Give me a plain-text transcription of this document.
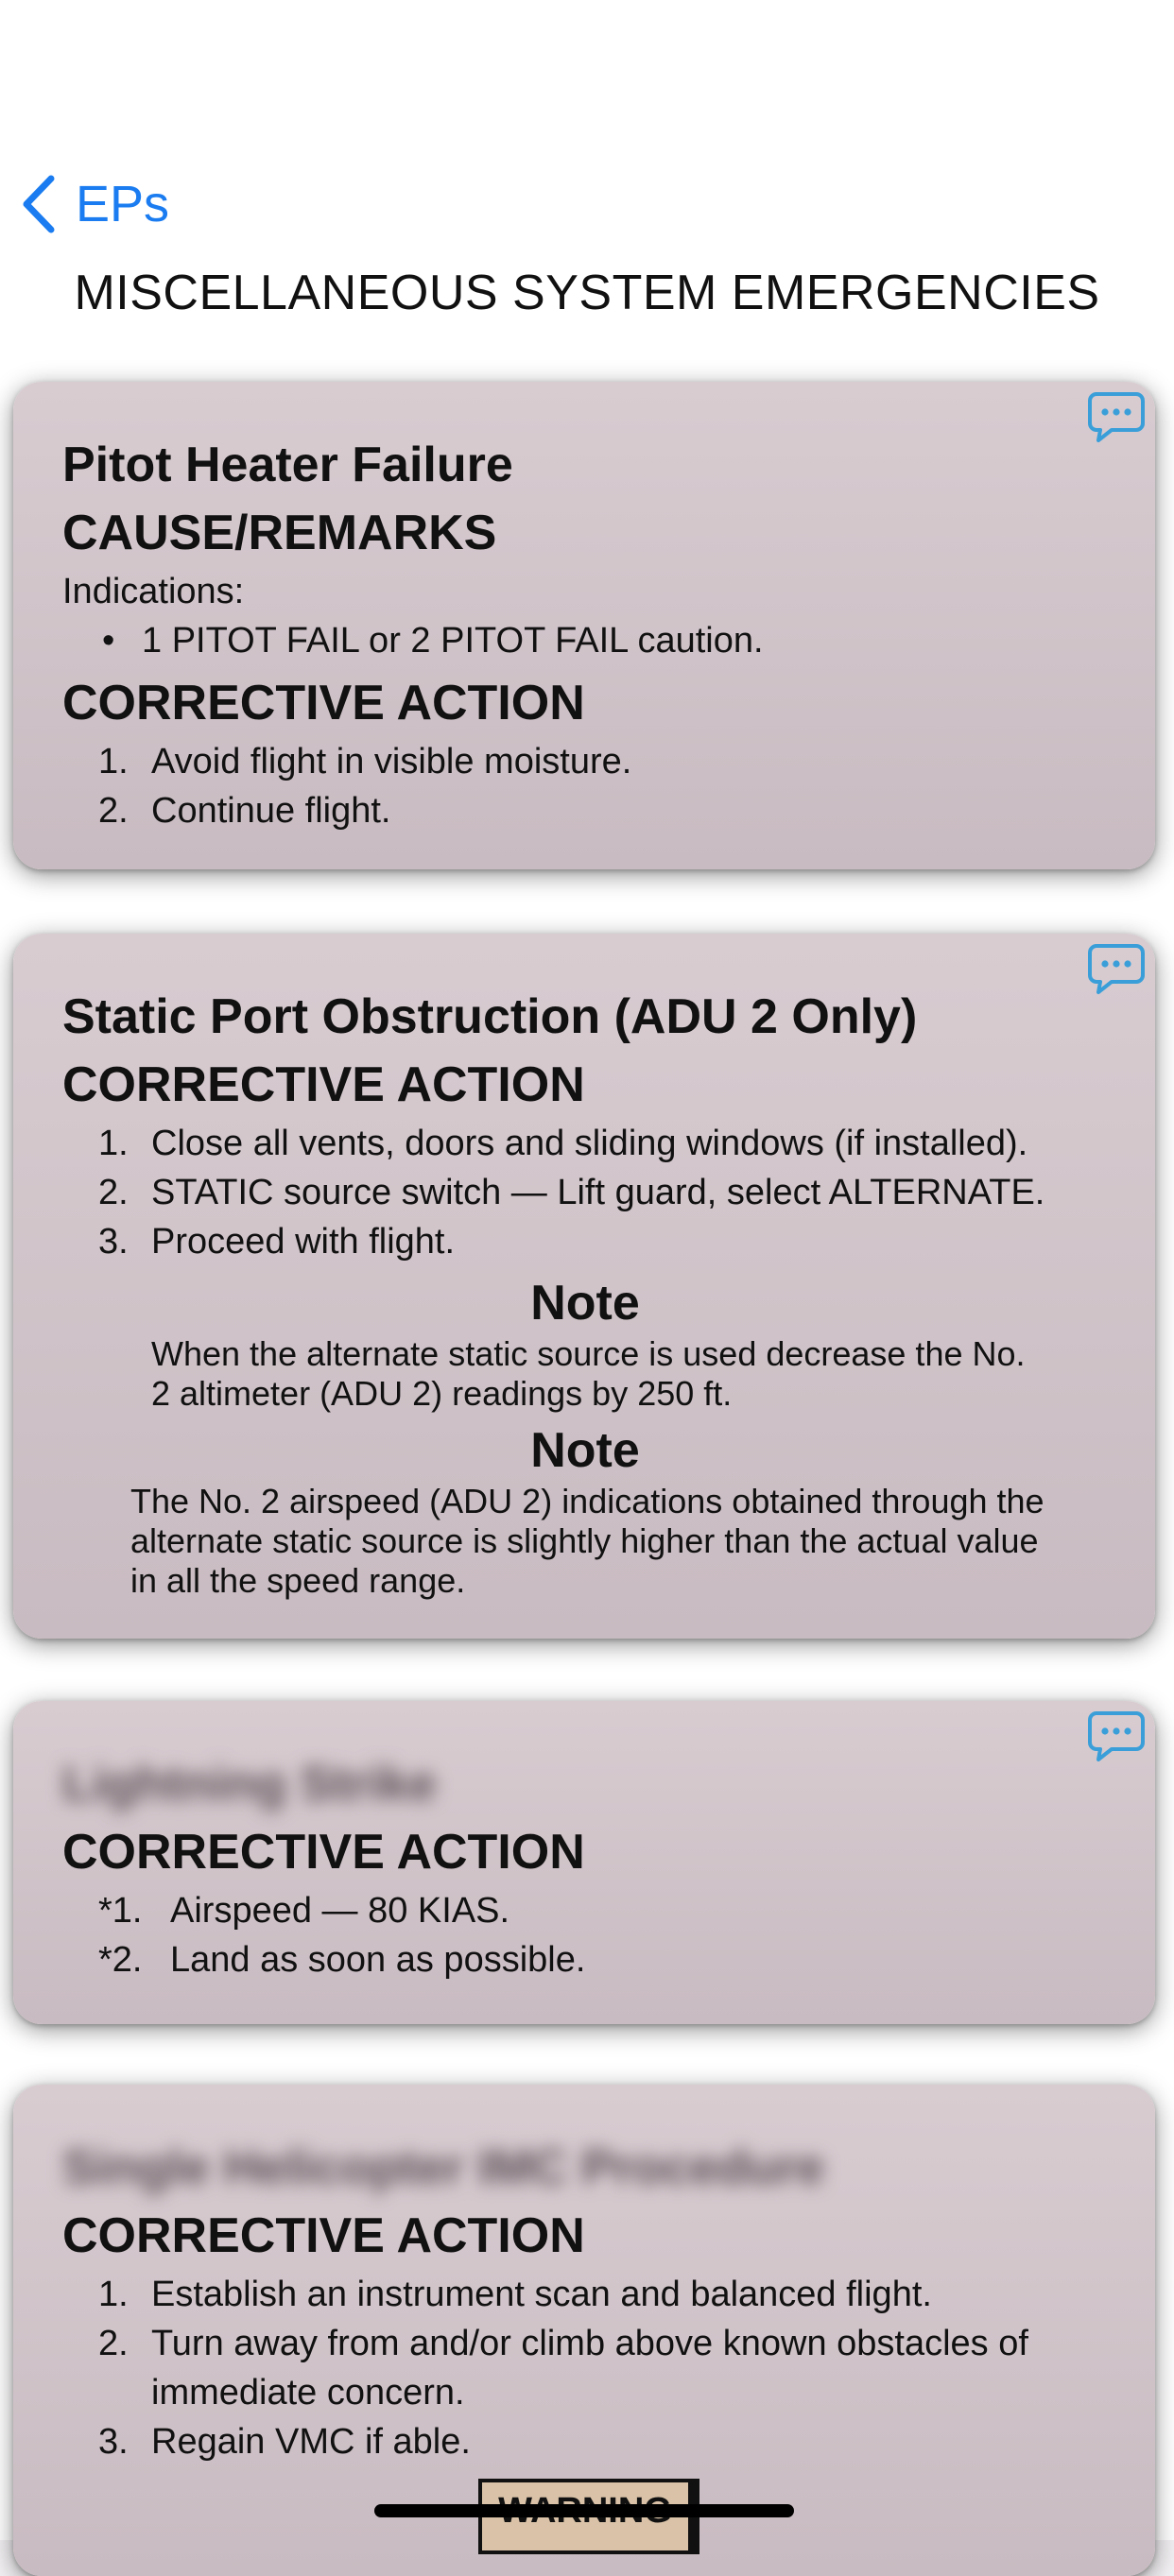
EPs
MISCELLANEOUS SYSTEM EMERGENCIES
Pitot Heater Failure
CAUSE/REMARKS
Indications:
• 1 PITOT FAIL or 2 PITOT FAIL caution.
CORRECTIVE ACTION
1. Avoid flight in visible moisture.
2. Continue flight.
Static Port Obstruction (ADU 2 Only)
CORRECTIVE ACTION
1. Close all vents, doors and sliding windows (if installed).
2. STATIC source switch — Lift guard, select ALTERNATE.
3. Proceed with flight.
Note
When the alternate static source is used decrease the No. 2 altimeter (ADU 2) readings by 250 ft.
Note
The No. 2 airspeed (ADU 2) indications obtained through the alternate static source is slightly higher than the actual value in all the speed range.
Lightning Strike
CORRECTIVE ACTION
*1. Airspeed — 80 KIAS.
*2. Land as soon as possible.
Single Helicopter IMC Procedure
CORRECTIVE ACTION
1. Establish an instrument scan and balanced flight.
2. Turn away from and/or climb above known obstacles of immediate concern.
3. Regain VMC if able.
